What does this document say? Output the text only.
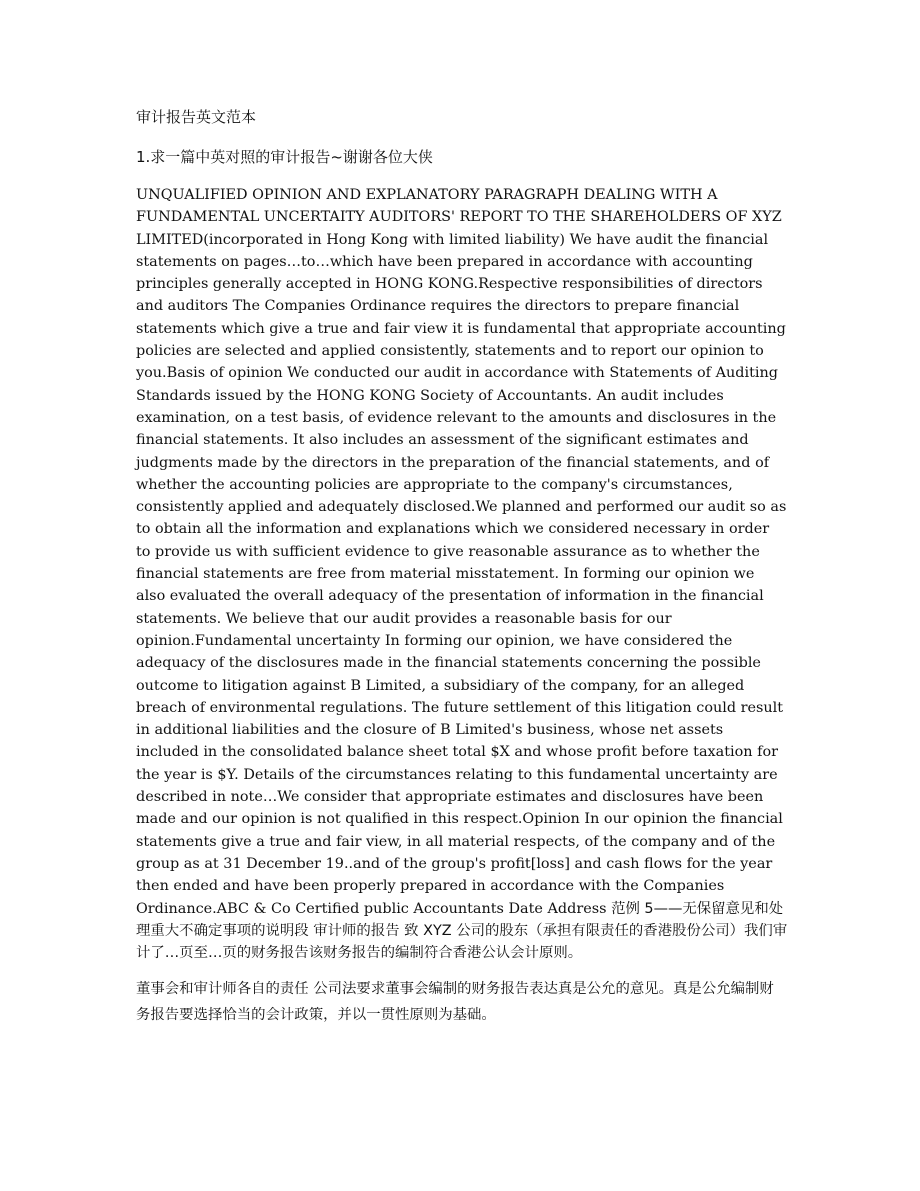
审计报告英文范本
1.求一篇中英对照的审计报告~谢谢各位大侠

UNQUALIFIED OPINION AND EXPLANATORY PARAGRAPH DEALING WITH A FUNDAMENTAL UNCERTAITY AUDITORS' REPORT TO THE SHAREHOLDERS OF XYZ LIMITED(incorporated in Hong Kong with limited liability) We have audit the financial statements on pages…to…which have been prepared in accordance with accounting principles generally accepted in HONG KONG.Respective responsibilities of directors and auditors The Companies Ordinance requires the directors to prepare financial statements which give a true and fair view it is fundamental that appropriate accounting policies are selected and applied consistently, statements and to report our opinion to you.Basis of opinion We conducted our audit in accordance with Statements of Auditing Standards issued by the HONG KONG Society of Accountants. An audit includes examination, on a test basis, of evidence relevant to the amounts and disclosures in the financial statements. It also includes an assessment of the significant estimates and judgments made by the directors in the preparation of the financial statements, and of whether the accounting policies are appropriate to the company's circumstances, consistently applied and adequately disclosed.We planned and performed our audit so as to obtain all the information and explanations which we considered necessary in order to provide us with sufficient evidence to give reasonable assurance as to whether the financial statements are free from material misstatement. In forming our opinion we also evaluated the overall adequacy of the presentation of information in the financial statements. We believe that our audit provides a reasonable basis for our opinion.Fundamental uncertainty In forming our opinion, we have considered the adequacy of the disclosures made in the financial statements concerning the possible outcome to litigation against B Limited, a subsidiary of the company, for an alleged breach of environmental regulations. The future settlement of this litigation could result in additional liabilities and the closure of B Limited's business, whose net assets included in the consolidated balance sheet total $X and whose profit before taxation for the year is $Y. Details of the circumstances relating to this fundamental uncertainty are described in note…We consider that appropriate estimates and disclosures have been made and our opinion is not qualified in this respect.Opinion In our opinion the financial statements give a true and fair view, in all material respects, of the company and of the group as at 31 December 19..and of the group's profit[loss] and cash flows for the year then ended and have been properly prepared in accordance with the Companies Ordinance.ABC & Co Certified public Accountants Date Address 范例 5——无保留意见和处理重大不确定事项的说明段 审计师的报告 致 XYZ 公司的股东（承担有限责任的香港股份公司）我们审计了…页至…页的财务报告该财务报告的编制符合香港公认会计原则。

董事会和审计师各自的责任 公司法要求董事会编制的财务报告表达真是公允的意见。真是公允编制财务报告要选择恰当的会计政策，并以一贯性原则为基础。
